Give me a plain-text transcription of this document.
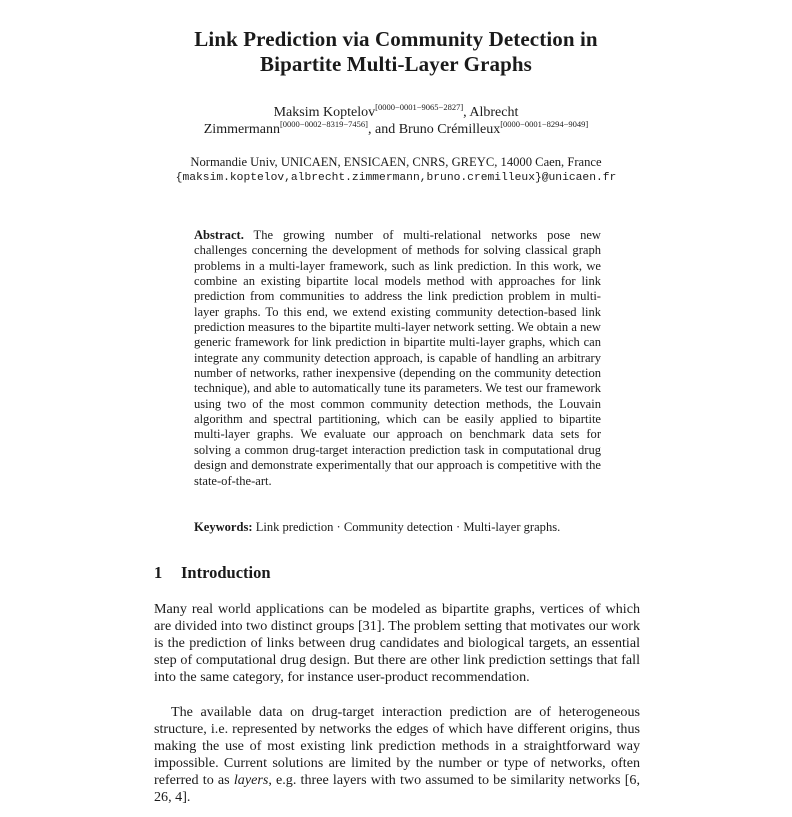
Link Prediction via Community Detection in
Bipartite Multi-Layer Graphs
Maksim Koptelov[0000−0001−9065−2827], Albrecht
Zimmermann[0000−0002−8319−7456], and Bruno Crémilleux[0000−0001−8294−9049]
Normandie Univ, UNICAEN, ENSICAEN, CNRS, GREYC, 14000 Caen, France
{maksim.koptelov,albrecht.zimmermann,bruno.cremilleux}@unicaen.fr
Abstract. The growing number of multi-relational networks pose new challenges concerning the development of methods for solving classical graph problems in a multi-layer framework, such as link prediction. In this work, we combine an existing bipartite local models method with approaches for link prediction from communities to address the link prediction problem in multi-layer graphs. To this end, we extend existing community detection-based link prediction measures to the bipartite multi-layer network setting. We obtain a new generic framework for link prediction in bipartite multi-layer graphs, which can integrate any community detection approach, is capable of handling an arbitrary number of networks, rather inexpensive (depending on the community detection technique), and able to automatically tune its parameters. We test our framework using two of the most common community detection methods, the Louvain algorithm and spectral partitioning, which can be easily applied to bipartite multi-layer graphs. We evaluate our approach on benchmark data sets for solving a common drug-target interaction prediction task in computational drug design and demonstrate experimentally that our approach is competitive with the state-of-the-art.
Keywords: Link prediction · Community detection · Multi-layer graphs.
1 Introduction

Many real world applications can be modeled as bipartite graphs, vertices of which are divided into two distinct groups [31]. The problem setting that motivates our work is the prediction of links between drug candidates and biological targets, an essential step of computational drug design. But there are other link prediction settings that fall into the same category, for instance user-product recommendation.

The available data on drug-target interaction prediction are of heterogeneous structure, i.e. represented by networks the edges of which have different origins, thus making the use of most existing link prediction methods in a straightforward way impossible. Current solutions are limited by the number or type of networks, often referred to as layers, e.g. three layers with two assumed to be similarity networks [6, 26, 4].
